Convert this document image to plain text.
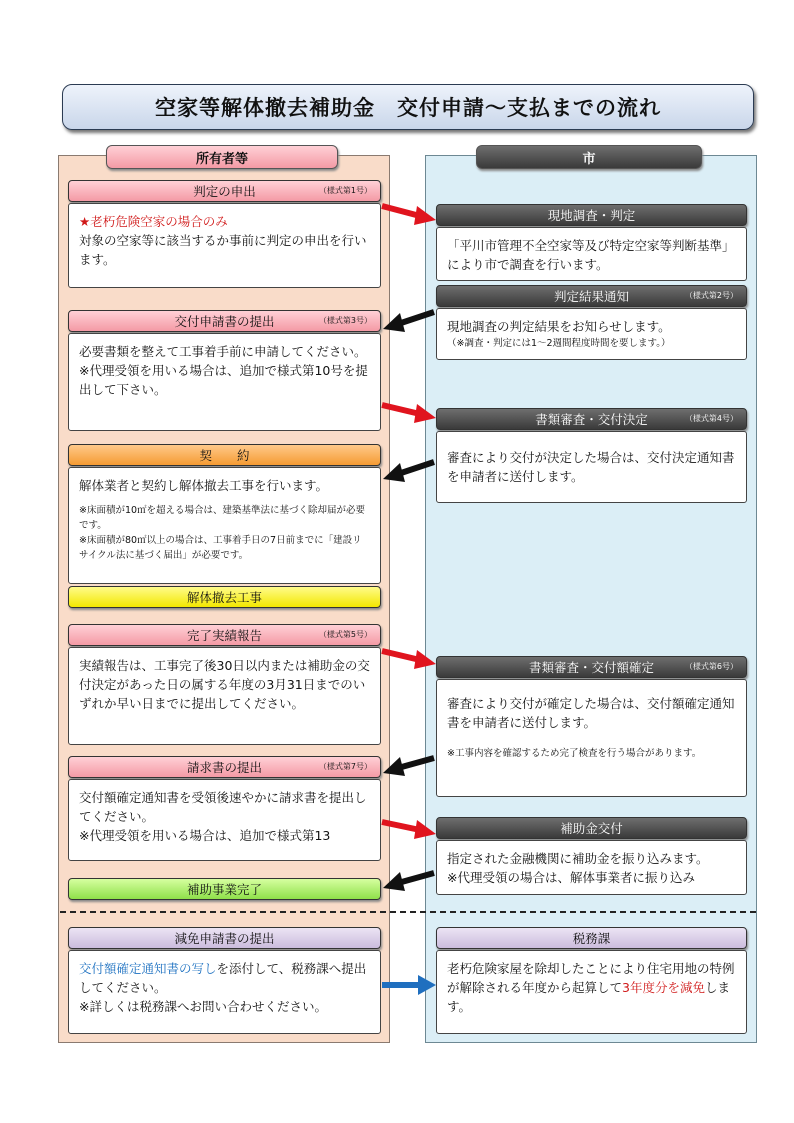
空家等解体撤去補助金　交付申請～支払までの流れ
所有者等	市
判定の申出	（様式第1号）

★老朽危険空家の場合のみ

対象の空家等に該当するか事前に判定の申出を行います。

交付申請書の提出	（様式第3号）

必要書類を整えて工事着手前に申請してください。

※代理受領を用いる場合は、追加で様式第10号を提出して下さい。

契　　約

解体業者と契約し解体撤去工事を行います。

※床面積が10㎡を超える場合は、建築基準法に基づく除却届が必要です。

※床面積が80㎡以上の場合は、工事着手日の7日前までに「建設リサイクル法に基づく届出」が必要です。

解体撤去工事
完了実績報告	（様式第5号）

実績報告は、工事完了後30日以内または補助金の交付決定があった日の属する年度の3月31日までのいずれか早い日までに提出してください。

請求書の提出	（様式第7号）

交付額確定通知書を受領後速やかに請求書を提出してください。

※代理受領を用いる場合は、追加で様式第13

補助事業完了
減免申請書の提出

交付額確定通知書の写しを添付して、税務課へ提出してください。

※詳しくは税務課へお問い合わせください。

現地調査・判定

「平川市管理不全空家等及び特定空家等判断基準」により市で調査を行います。

判定結果通知	（様式第2号）

現地調査の判定結果をお知らせします。

（※調査・判定には1～2週間程度時間を要します。）

書類審査・交付決定	（様式第4号）

審査により交付が決定した場合は、交付決定通知書を申請者に送付します。

書類審査・交付額確定	（様式第6号）

審査により交付が確定した場合は、交付額確定通知書を申請者に送付します。

※工事内容を確認するため完了検査を行う場合があります。

補助金交付

指定された金融機関に補助金を振り込みます。

※代理受領の場合は、解体事業者に振り込み

税務課

老朽危険家屋を除却したことにより住宅用地の特例が解除される年度から起算して3年度分を減免します。
